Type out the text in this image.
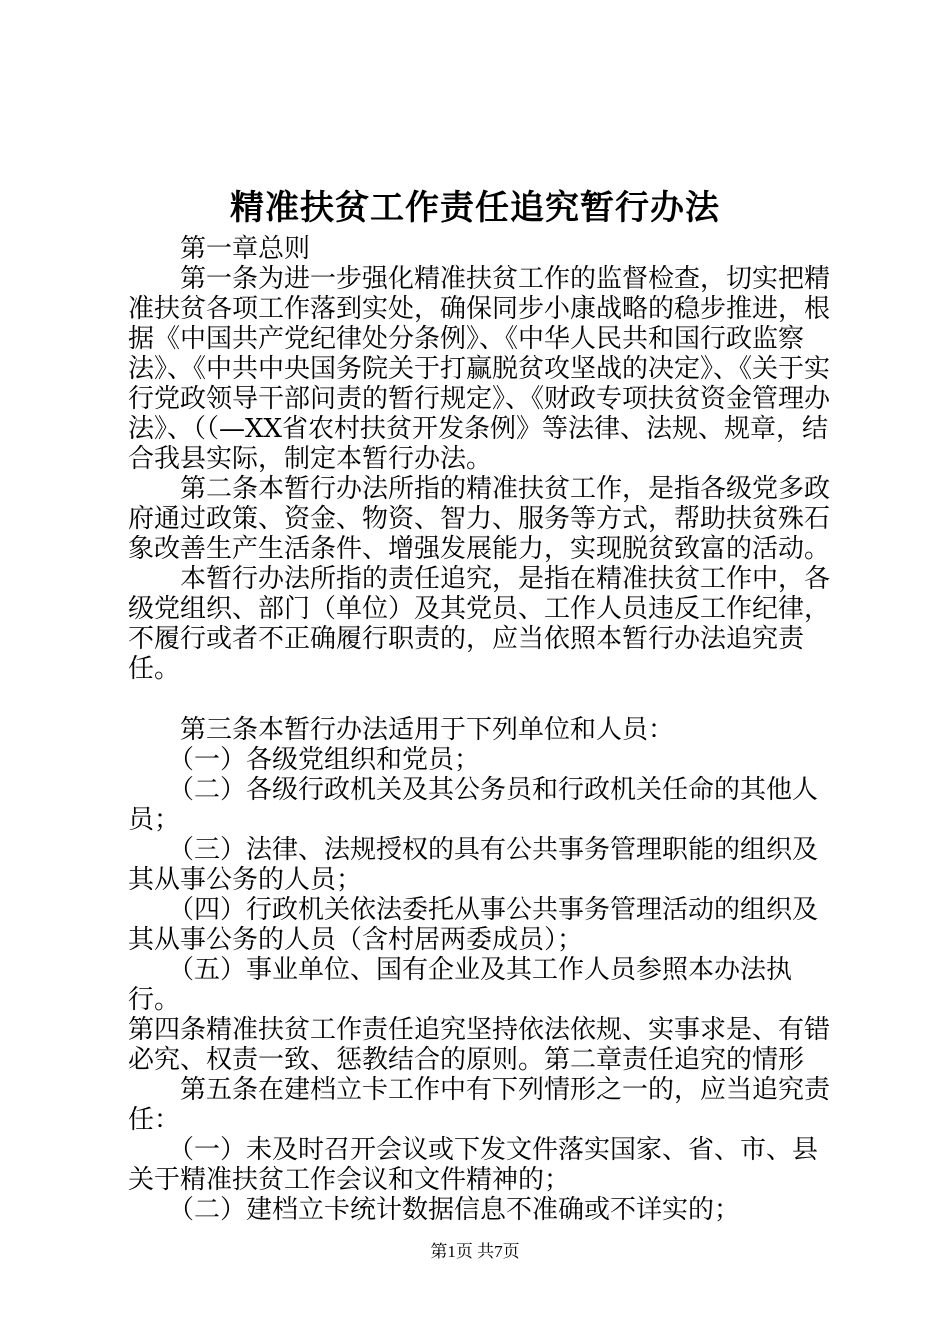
精准扶贫工作责任追究暂行办法

第一章总则

第一条为进一步强化精准扶贫工作的监督检查，切实把精准扶贫各项工作落到实处，确保同步小康战略的稳步推进，根据《中国共产党纪律处分条例》、《中华人民共和国行政监察法》、《中共中央国务院关于打赢脱贫攻坚战的决定》、《关于实行党政领导干部问责的暂行规定》、《财政专项扶贫资金管理办法》、（（—XX省农村扶贫开发条例》等法律、法规、规章，结合我县实际，制定本暂行办法。

第二条本暂行办法所指的精准扶贫工作，是指各级党多政府通过政策、资金、物资、智力、服务等方式，帮助扶贫殊石象改善生产生活条件、增强发展能力，实现脱贫致富的活动。

本暂行办法所指的责任追究，是指在精准扶贫工作中，各级党组织、部门（单位）及其党员、工作人员违反工作纪律，不履行或者不正确履行职责的，应当依照本暂行办法追究责任。

第三条本暂行办法适用于下列单位和人员：

（一）各级党组织和党员；

（二）各级行政机关及其公务员和行政机关任命的其他人员；

（三）法律、法规授权的具有公共事务管理职能的组织及其从事公务的人员；

（四）行政机关依法委托从事公共事务管理活动的组织及其从事公务的人员（含村居两委成员）；

（五）事业单位、国有企业及其工作人员参照本办法执行。

第四条精准扶贫工作责任追究坚持依法依规、实事求是、有错必究、权责一致、惩教结合的原则。第二章责任追究的情形

第五条在建档立卡工作中有下列情形之一的，应当追究责任：

（一）未及时召开会议或下发文件落实国家、省、市、县关于精准扶贫工作会议和文件精神的；

（二）建档立卡统计数据信息不准确或不详实的；

第1页 共7页
